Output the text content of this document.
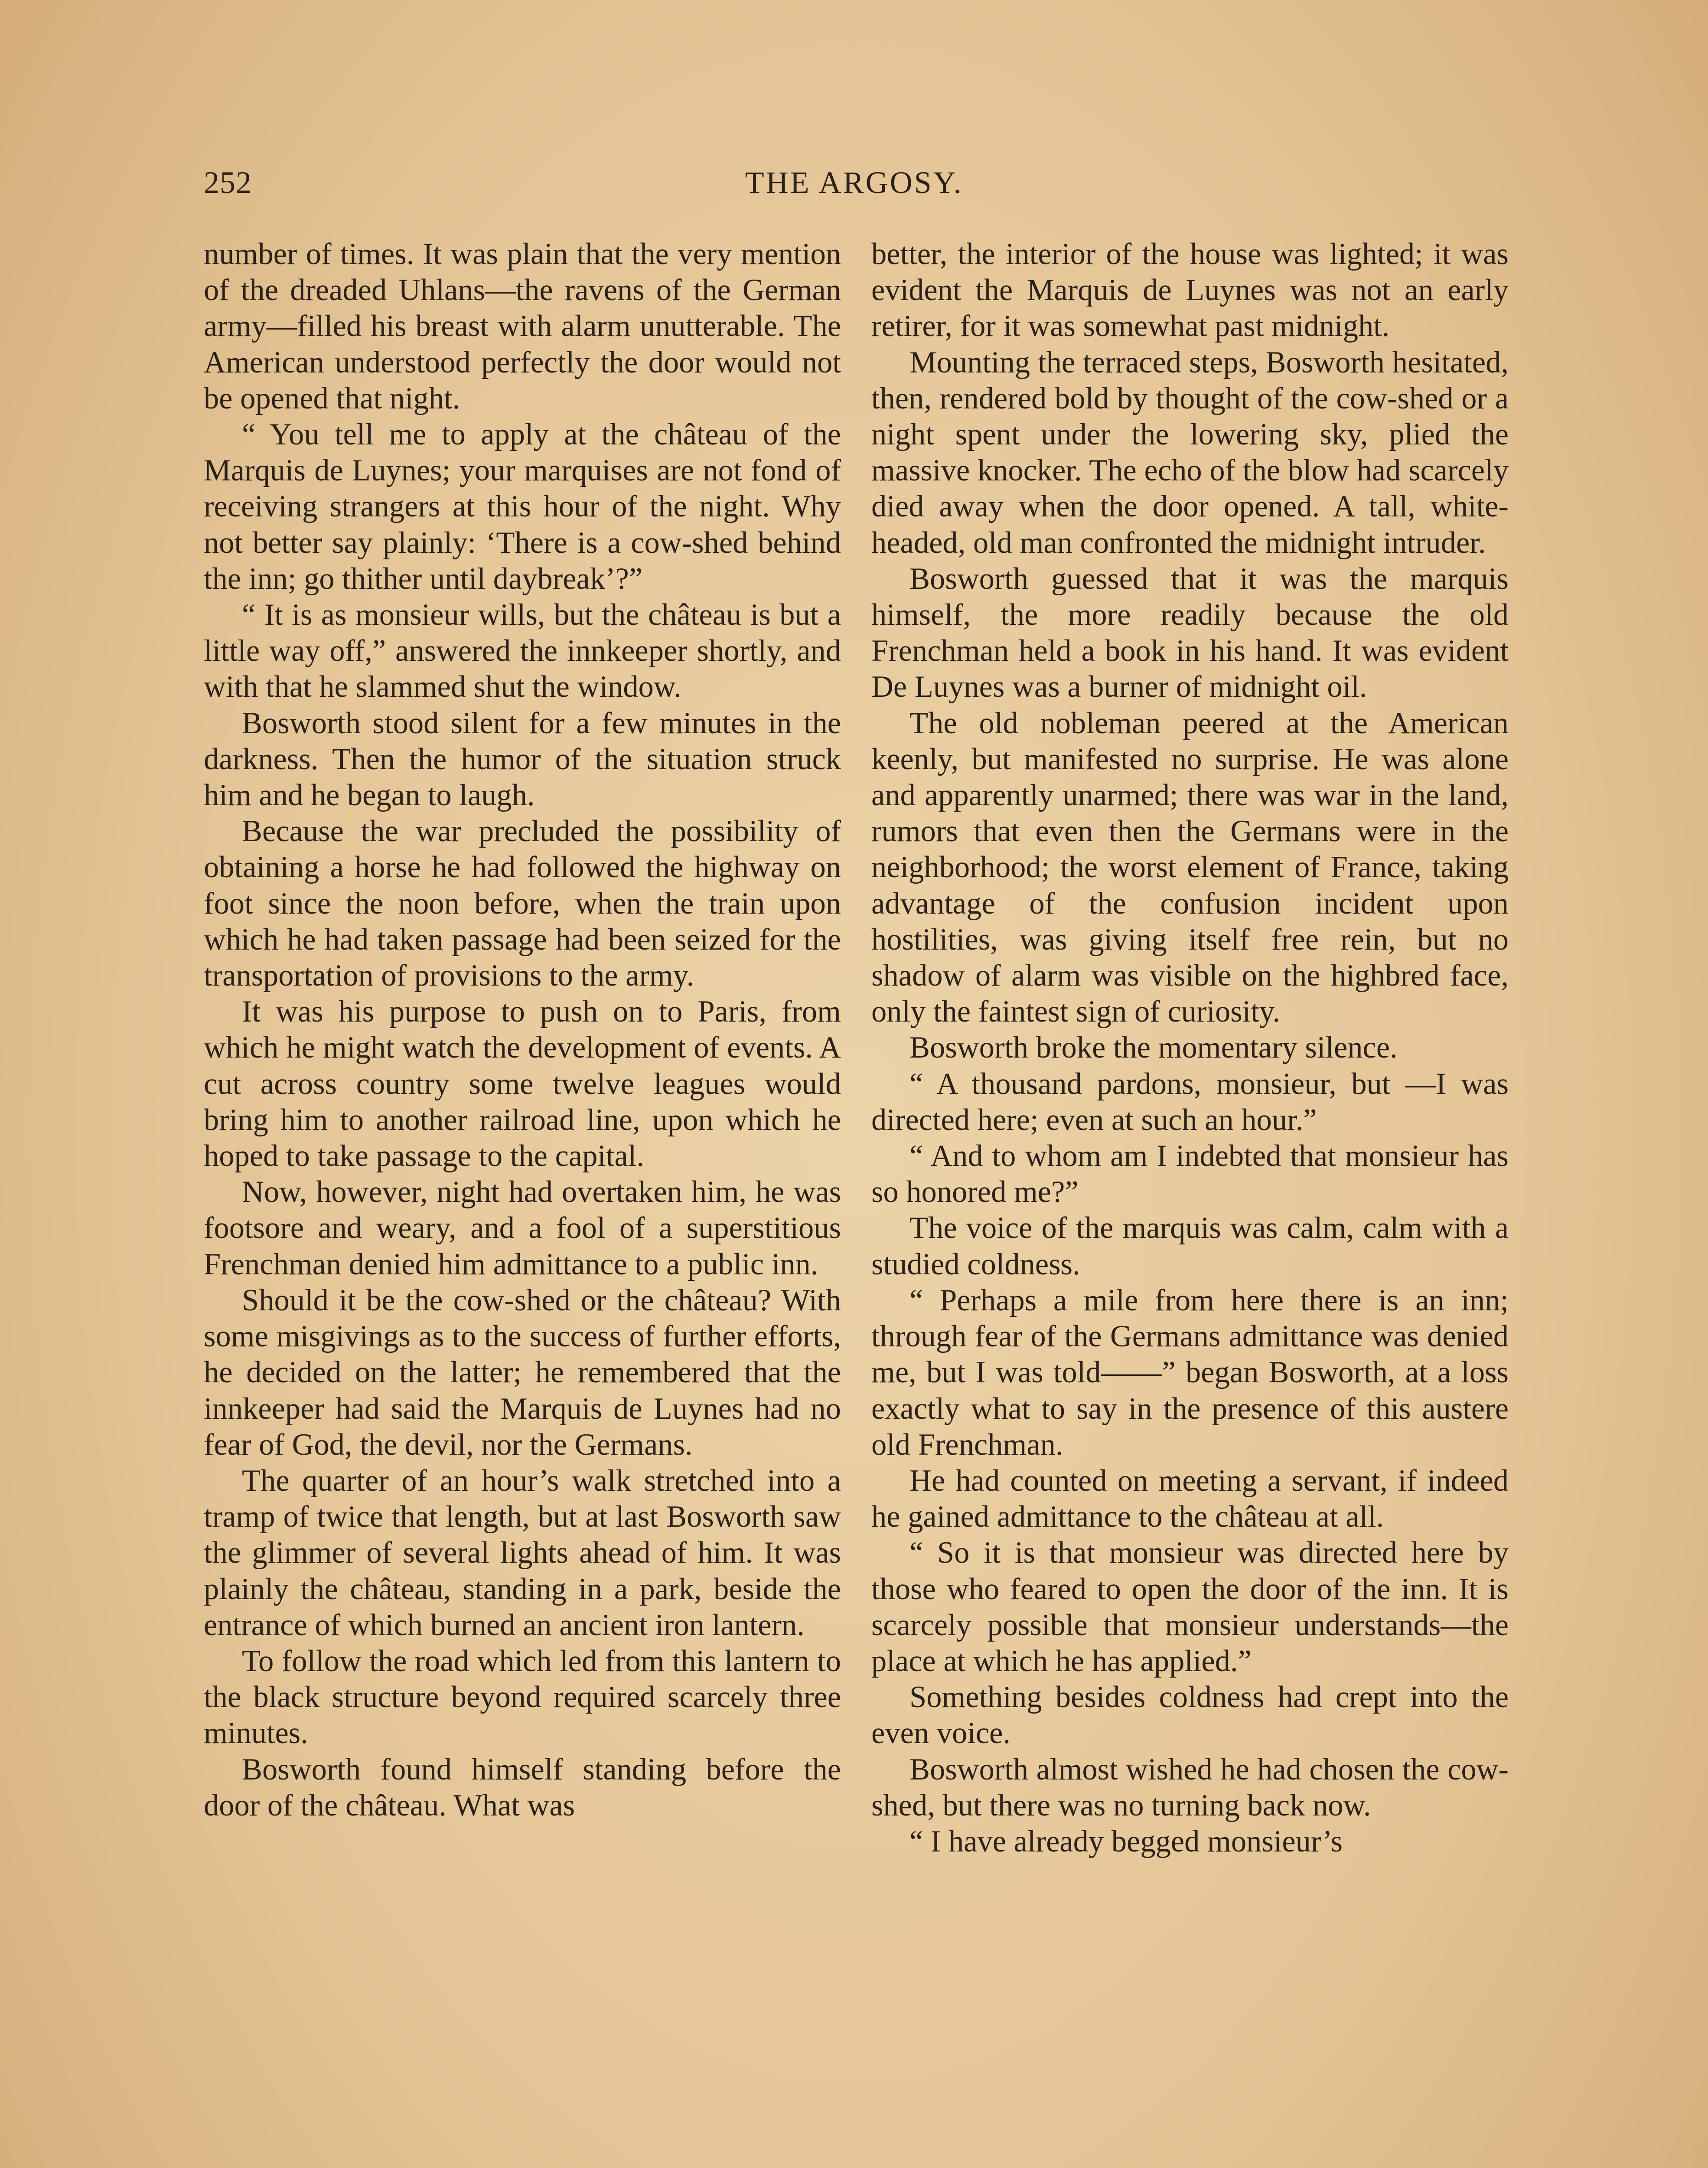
252	THE ARGOSY.

number of times. It was plain that the very mention of the dreaded Uhlans—the ravens of the German army—filled his breast with alarm unutterable. The American understood perfectly the door would not be opened that night.

“ You tell me to apply at the château of the Marquis de Luynes; your marquises are not fond of receiving strangers at this hour of the night. Why not better say plainly: ‘There is a cow-shed behind the inn; go thither until daybreak’?”

“ It is as monsieur wills, but the château is but a little way off,” answered the innkeeper shortly, and with that he slammed shut the window.

Bosworth stood silent for a few minutes in the darkness. Then the humor of the situation struck him and he began to laugh.

Because the war precluded the possibility of obtaining a horse he had followed the highway on foot since the noon before, when the train upon which he had taken passage had been seized for the transportation of provisions to the army.

It was his purpose to push on to Paris, from which he might watch the development of events. A cut across country some twelve leagues would bring him to another railroad line, upon which he hoped to take passage to the capital.

Now, however, night had overtaken him, he was footsore and weary, and a fool of a superstitious Frenchman denied him admittance to a public inn.

Should it be the cow-shed or the château? With some misgivings as to the success of further efforts, he decided on the latter; he remembered that the innkeeper had said the Marquis de Luynes had no fear of God, the devil, nor the Germans.

The quarter of an hour’s walk stretched into a tramp of twice that length, but at last Bosworth saw the glimmer of several lights ahead of him. It was plainly the château, standing in a park, beside the entrance of which burned an ancient iron lantern.

To follow the road which led from this lantern to the black structure beyond required scarcely three minutes.

Bosworth found himself standing before the door of the château. What was

better, the interior of the house was lighted; it was evident the Marquis de Luynes was not an early retirer, for it was somewhat past midnight.

Mounting the terraced steps, Bosworth hesitated, then, rendered bold by thought of the cow-shed or a night spent under the lowering sky, plied the massive knocker. The echo of the blow had scarcely died away when the door opened. A tall, white-headed, old man confronted the midnight intruder.

Bosworth guessed that it was the marquis himself, the more readily because the old Frenchman held a book in his hand. It was evident De Luynes was a burner of midnight oil.

The old nobleman peered at the American keenly, but manifested no surprise. He was alone and apparently unarmed; there was war in the land, rumors that even then the Germans were in the neighborhood; the worst element of France, taking advantage of the confusion incident upon hostilities, was giving itself free rein, but no shadow of alarm was visible on the highbred face, only the faintest sign of curiosity.

Bosworth broke the momentary silence.

“ A thousand pardons, monsieur, but —I was directed here; even at such an hour.”

“ And to whom am I indebted that monsieur has so honored me?”

The voice of the marquis was calm, calm with a studied coldness.

“ Perhaps a mile from here there is an inn; through fear of the Germans admittance was denied me, but I was told——” began Bosworth, at a loss exactly what to say in the presence of this austere old Frenchman.

He had counted on meeting a servant, if indeed he gained admittance to the château at all.

“ So it is that monsieur was directed here by those who feared to open the door of the inn. It is scarcely possible that monsieur understands—the place at which he has applied.”

Something besides coldness had crept into the even voice.

Bosworth almost wished he had chosen the cow-shed, but there was no turning back now.

“ I have already begged monsieur’s
